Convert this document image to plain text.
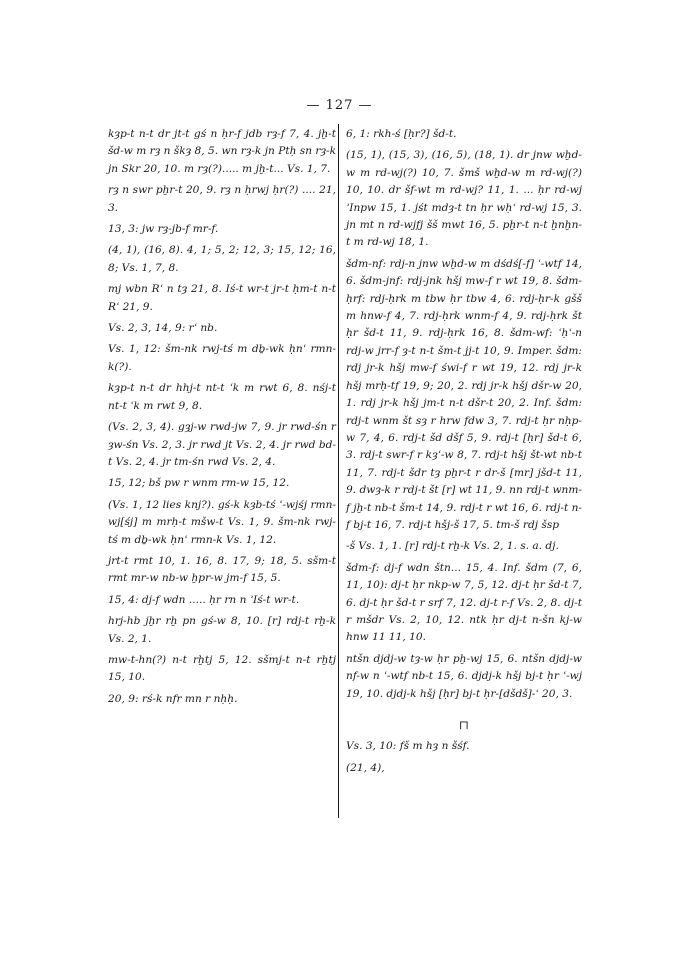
— 127 —

kȝp-t n-t dr jt-t gś n ḥr-f jdb rȝ-f 7, 4. jḫ-t šd-w m rȝ n škȝ 8, 5. wn rȝ-k jn Ptḥ sn rȝ-k jn Skr 20, 10. m rȝ(?)..... m jḫ-t... Vs. 1, 7.

rȝ n swr pḫr-t 20, 9. rȝ n ḥrwj ḥr(?) .... 21, 3.

13, 3: jw rȝ-jb-f mr-f.

(4, 1), (16, 8). 4, 1; 5, 2; 12, 3; 15, 12; 16, 8; Vs. 1, 7, 8.

mj wbn Rʿ n tȝ 21, 8. Iś-t wr-t jr-t ḥm-t n-t Rʿ 21, 9.

Vs. 2, 3, 14, 9: rʿ nb.

Vs. 1, 12: šm-nk rwj-tś m dḇ-wk ḥnʿ rmn-k(?).

kȝp-t n-t dr hhj-t nt-t ʿk m rwt 6, 8. nśj-t nt-t ʿk m rwt 9, 8.

(Vs. 2, 3, 4). gȝj-w rwd-jw 7, 9. jr rwd-śn r ȝw-śn Vs. 2, 3. jr rwd jt Vs. 2, 4. jr rwd bd-t Vs. 2, 4. jr tm-śn rwd Vs. 2, 4.

15, 12; bš pw r wnm rm-w 15, 12.

(Vs. 1, 12 lies knj?). gś-k kȝb-tś ʿ-wjśj rmn-wj[śj] m mrḥ-t mšw-t Vs. 1, 9. šm-nk rwj-tś m dḇ-wk ḥnʿ rmn-k Vs. 1, 12.

jrt-t rmt 10, 1. 16, 8. 17, 9; 18, 5. sšm-t rmt mr-w nb-w ḫpr-w jm-f 15, 5.

15, 4: dj-f wdn ..... ḥr rn n ʾIś-t wr-t.

hrj-hb jḫr rḫ pn gś-w 8, 10. [r] rdj-t rḫ-k Vs. 2, 1.

mw-t-hn(?) n-t rḫtj 5, 12. sšmj-t n-t rḫtj 15, 10.

20, 9: rś-k nfr mn r nḥḥ.

6, 1: rkh-ś [ḥr?] šd-t.

(15, 1), (15, 3), (16, 5), (18, 1). dr jnw wḫd-w m rd-wj(?) 10, 7. šmš wḫd-w m rd-wj(?) 10, 10. dr šf-wt m rd-wj? 11, 1. ... ḥr rd-wj ʾInpw 15, 1. jśt mdȝ-t tn ḥr wḥʿ rd-wj 15, 3. jn mt n rd-wjfj šš mwt 16, 5. pḫr-t n-t ḫnḫn-t m rd-wj 18, 1.

šdm-nf: rdj-n jnw wḫd-w m dśdś[-f] ʿ-wtf 14, 6. šdm-jnf: rdj-jnk hšj mw-f r wt 19, 8. šdm-ḥrf: rdj-ḥrk m tbw ḥr tbw 4, 6. rdj-ḥr-k gšš m hnw-f 4, 7. rdj-ḥrk wnm-f 4, 9. rdj-ḥrk št ḥr šd-t 11, 9. rdj-ḥrk 16, 8. šdm-wf: ʿḥʿ-n rdj-w jrr-f ȝ-t n-t šm-t jj-t 10, 9. Imper. šdm: rdj jr-k hšj mw-f świ-f r wt 19, 12. rdj jr-k hšj mrḥ-tf 19, 9; 20, 2. rdj jr-k hšj dšr-w 20, 1. rdj jr-k hšj jm-t n-t dšr-t 20, 2. Inf. šdm: rdj-t wnm št sȝ r hrw fdw 3, 7. rdj-t ḥr nḥp-w 7, 4, 6. rdj-t šd dšf 5, 9. rdj-t [ḥr] šd-t 6, 3. rdj-t swr-f r kȝʿ-w 8, 7. rdj-t hšj št-wt nb-t 11, 7. rdj-t šdr tȝ pḫr-t r dr-š [mr] jšd-t 11, 9. dwȝ-k r rdj-t št [r] wt 11, 9. nn rdj-t wnm-f jḫ-t nb-t šm-t 14, 9. rdj-t r wt 16, 6. rdj-t n-f bj-t 16, 7. rdj-t hšj-š 17, 5. tm-š rdj šsp

-š Vs. 1, 1. [r] rdj-t rḫ-k Vs. 2, 1. s. a. dj.

šdm-f: dj-f wdn štn... 15, 4. Inf. šdm (7, 6, 11, 10): dj-t ḥr nkp-w 7, 5, 12. dj-t ḥr šd-t 7, 6. dj-t ḥr šd-t r srf 7, 12. dj-t r-f Vs. 2, 8. dj-t r mšdr Vs. 2, 10, 12. ntk ḥr dj-t n-šn kj-w hnw 11 11, 10.

ntšn djdj-w tȝ-w ḥr pḫ-wj 15, 6. ntšn djdj-w nf-w n ʿ-wtf nb-t 15, 6. djdj-k hšj bj-t ḥr ʿ-wj 19, 10. djdj-k hšj [ḥr] bj-t ḥr-[dšdš]-ʿ 20, 3.

⊓

Vs. 3, 10: fš m hȝ n šśf.

(21, 4),
